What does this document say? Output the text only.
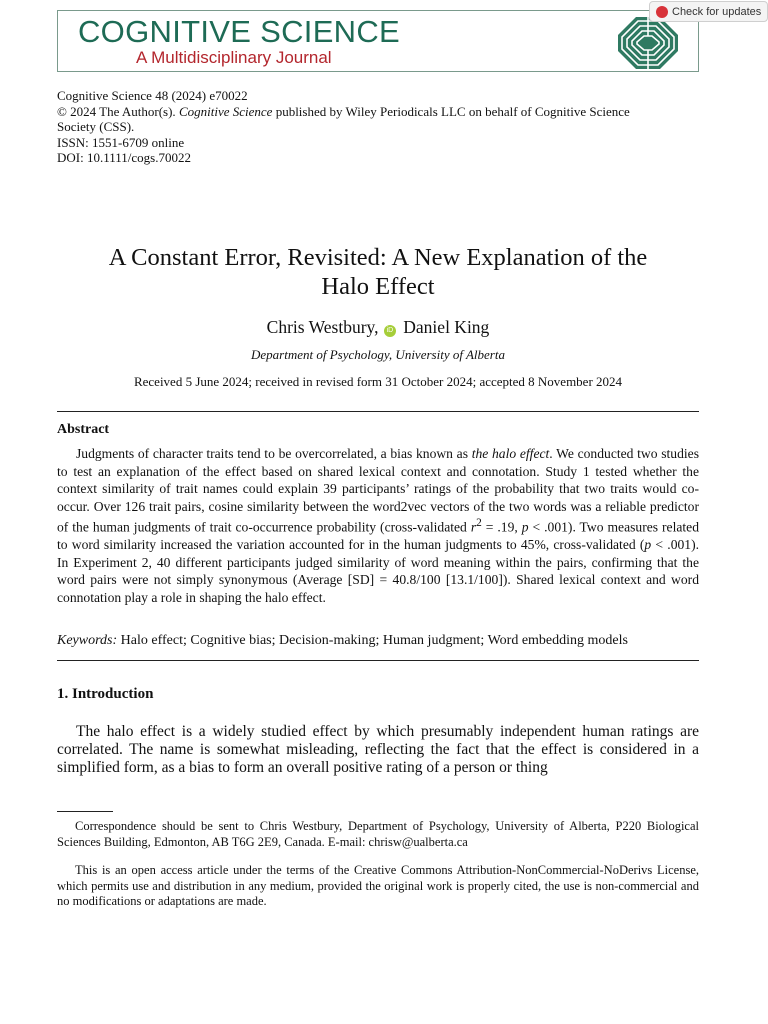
COGNITIVE SCIENCE
A Multidisciplinary Journal
Check for updates
Cognitive Science 48 (2024) e70022
© 2024 The Author(s). Cognitive Science published by Wiley Periodicals LLC on behalf of Cognitive Science
Society (CSS).
ISSN: 1551-6709 online
DOI: 10.1111/cogs.70022
A Constant Error, Revisited: A New Explanation of the
Halo Effect
Chris Westbury, iD Daniel King
Department of Psychology, University of Alberta
Received 5 June 2024; received in revised form 31 October 2024; accepted 8 November 2024
Abstract
Judgments of character traits tend to be overcorrelated, a bias known as the halo effect. We conducted two studies to test an explanation of the effect based on shared lexical context and connotation. Study 1 tested whether the context similarity of trait names could explain 39 participants’ ratings of the probability that two traits would co-occur. Over 126 trait pairs, cosine similarity between the word2vec vectors of the two words was a reliable predictor of the human judgments of trait co-occurrence probability (cross-validated $r^2 = .19$, p < .001). Two measures related to word similarity increased the variation accounted for in the human judgments to 45%, cross-validated (p < .001). In Experiment 2, 40 different participants judged similarity of word meaning within the pairs, confirming that the word pairs were not simply synonymous (Average [SD] = 40.8/100 [13.1/100]). Shared lexical context and word connotation play a role in shaping the halo effect.
Keywords: Halo effect; Cognitive bias; Decision-making; Human judgment; Word embedding models
1. Introduction
The halo effect is a widely studied effect by which presumably independent human ratings are correlated. The name is somewhat misleading, reflecting the fact that the effect is considered in a simplified form, as a bias to form an overall positive rating of a person or thing
Correspondence should be sent to Chris Westbury, Department of Psychology, University of Alberta, P220 Biological Sciences Building, Edmonton, AB T6G 2E9, Canada. E-mail: chrisw@ualberta.ca
This is an open access article under the terms of the Creative Commons Attribution-NonCommercial-NoDerivs License, which permits use and distribution in any medium, provided the original work is properly cited, the use is non-commercial and no modifications or adaptations are made.
